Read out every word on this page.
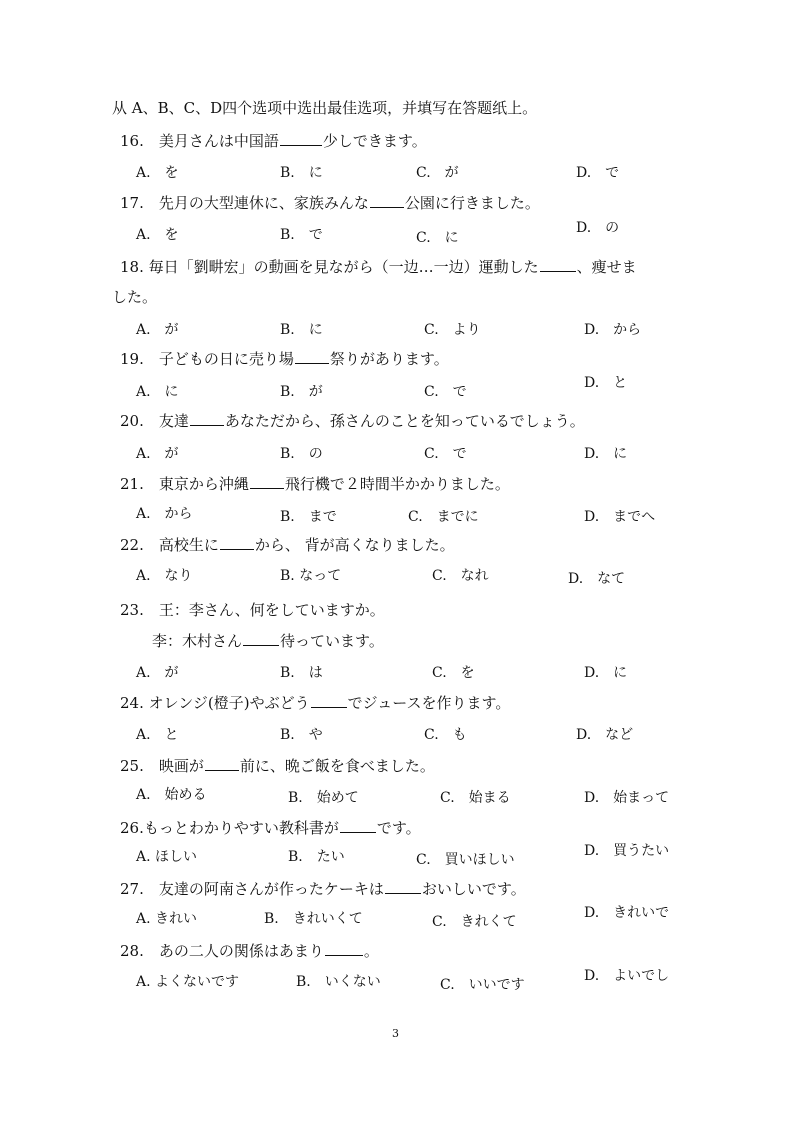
从 A、B、C、D四个选项中选出最佳选项，并填写在答题纸上。
16.　 美月さんは中国語	少しできます。
A.　を	B.　に	C.　が	D.　で
17.　 先月の大型連休に、家族みんな 公園に行きました。
A.　を	B.　で	C.　に
D.　の
18. 毎日「劉畊宏」の動画を見ながら（一边…一边）運動した	、痩せま
した。
A.　が	B.　に	C.　より	D.　から
19.　 子どもの日に売り場 祭りがあります。
A.　に	B.　が	C.　で
D.　と
20.　 友達 あなただから、孫さんのことを知っているでしょう。
A.　が	B.　の	C.　で	D.　に
21.　 東京から沖縄 飛行機で２時間半かかりました。
A.　から	B.　まで	C.　までに	D.　までへ
22.　 高校生に から、 背が高くなりました。
A.　なり	B. なって	C.　なれ	D.　なて
23.　 王：李さん、何をしていますか。
李：木村さん	待っています。
A.　が	B.　は	C.　を	D.　に
24. オレンジ(橙子)やぶどう	でジュースを作ります。
A.　と	B.　や	C.　も	D.　など
25.　 映画が 前に、晩ご飯を食べました。
A.　始める	B.　始めて	C.　始まる	D.　始まって
26.もっとわかりやすい教科書が	です。
A. ほしい	B.　たい	C.　買いほしい
D.　買うたい
27.　 友達の阿南さんが作ったケーキは	おいしいです。
A. きれい	B.　きれいくて	C.　きれくて
D.　きれいで
28.　 あの二人の関係はあまり	。
A. よくないです	B.　いくない	C.　いいです
D.　よいでし
3
